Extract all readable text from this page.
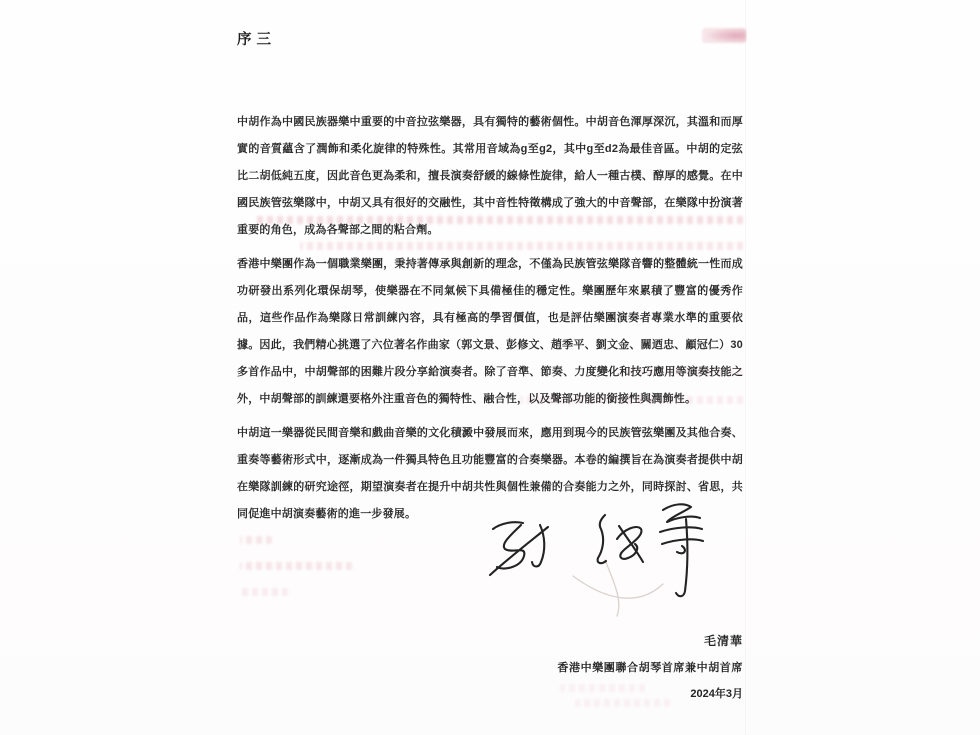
序三

中胡作為中國民族器樂中重要的中音拉弦樂器，具有獨特的藝術個性。中胡音色渾厚深沉，其溫和而厚實的音質蘊含了潤飾和柔化旋律的特殊性。其常用音域為g至g2，其中g至d2為最佳音區。中胡的定弦比二胡低純五度，因此音色更為柔和，擅長演奏舒緩的線條性旋律，給人一種古樸、醇厚的感覺。在中國民族管弦樂隊中，中胡又具有很好的交融性，其中音性特徵構成了強大的中音聲部，在樂隊中扮演著重要的角色，成為各聲部之間的粘合劑。

香港中樂團作為一個職業樂團，秉持著傳承與創新的理念，不僅為民族管弦樂隊音響的整體統一性而成功研發出系列化環保胡琴，使樂器在不同氣候下具備極佳的穩定性。樂團歷年來累積了豐富的優秀作品，這些作品作為樂隊日常訓練內容，具有極高的學習價值，也是評估樂團演奏者專業水準的重要依據。因此，我們精心挑選了六位著名作曲家（郭文景、彭修文、趙季平、劉文金、關迺忠、顧冠仁）30多首作品中，中胡聲部的困難片段分享給演奏者。除了音準、節奏、力度變化和技巧應用等演奏技能之外，中胡聲部的訓練還要格外注重音色的獨特性、融合性，以及聲部功能的銜接性與潤飾性。

中胡這一樂器從民間音樂和戲曲音樂的文化積澱中發展而來，應用到現今的民族管弦樂團及其他合奏、重奏等藝術形式中，逐漸成為一件獨具特色且功能豐富的合奏樂器。本卷的編撰旨在為演奏者提供中胡在樂隊訓練的研究途徑，期望演奏者在提升中胡共性與個性兼備的合奏能力之外，同時探討、省思，共同促進中胡演奏藝術的進一步發展。

毛清華
香港中樂團聯合胡琴首席兼中胡首席
2024年3月
